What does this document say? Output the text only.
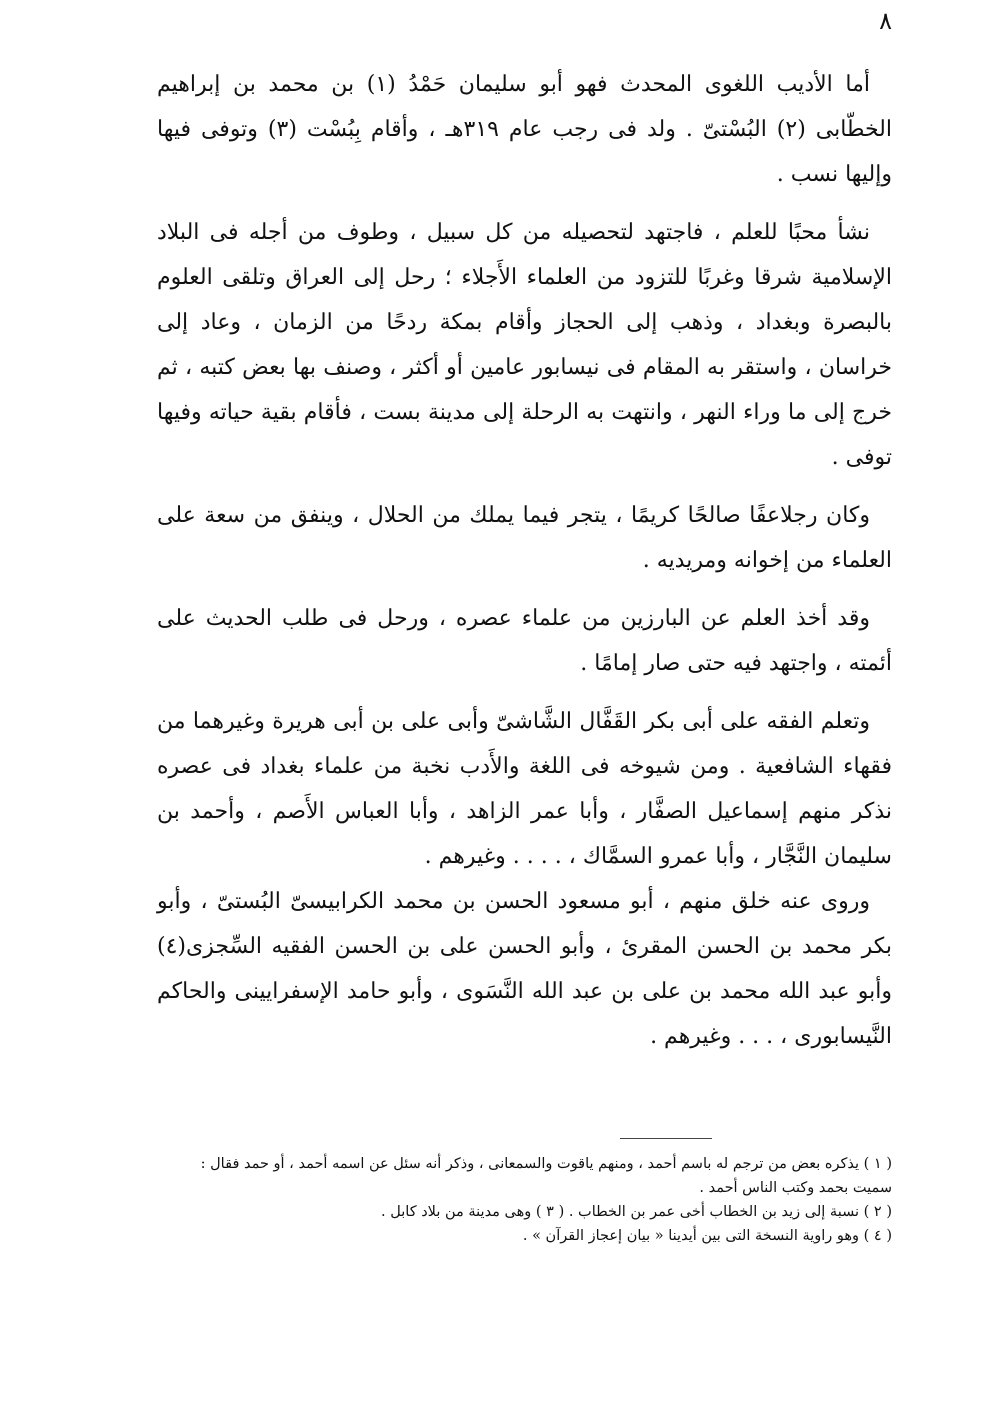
٨

أما الأديب اللغوى المحدث فهو أبو سليمان حَمْدُ (١) بن محمد بن إبراهيم الخطّابى (٢) البُسْتىّ . ولد فى رجب عام ٣١٩هـ ، وأقام بِبُسْت (٣) وتوفى فيها وإليها نسب .

نشأ محبًا للعلم ، فاجتهد لتحصيله من كل سبيل ، وطوف من أجله فى البلاد الإسلامية شرقا وغربًا للتزود من العلماء الأَجلاء ؛ رحل إلى العراق وتلقى العلوم بالبصرة وبغداد ، وذهب إلى الحجاز وأقام بمكة ردحًا من الزمان ، وعاد إلى خراسان ، واستقر به المقام فى نيسابور عامين أو أكثر ، وصنف بها بعض كتبه ، ثم خرج إلى ما وراء النهر ، وانتهت به الرحلة إلى مدينة بست ، فأقام بقية حياته وفيها توفى .

وكان رجلاعفًا صالحًا كريمًا ، يتجر فيما يملك من الحلال ، وينفق من سعة على العلماء من إخوانه ومريديه .

وقد أخذ العلم عن البارزين من علماء عصره ، ورحل فى طلب الحديث على أئمته ، واجتهد فيه حتى صار إمامًا .

وتعلم الفقه على أبى بكر القَفَّال الشَّاشىّ وأبى على بن أبى هريرة وغيرهما من فقهاء الشافعية . ومن شيوخه فى اللغة والأَدب نخبة من علماء بغداد فى عصره نذكر منهم إسماعيل الصفَّار ، وأبا عمر الزاهد ، وأبا العباس الأَصم ، وأحمد بن سليمان النَّجَّار ، وأبا عمرو السمَّاك ، . . . . وغيرهم .

وروى عنه خلق منهم ، أبو مسعود الحسن بن محمد الكرابيسىّ البُستىّ ، وأبو بكر محمد بن الحسن المقرئ ، وأبو الحسن على بن الحسن الفقيه السِّجزى(٤) وأبو عبد الله محمد بن على بن عبد الله النَّسَوى ، وأبو حامد الإسفرايينى والحاكم النَّيسابورى ، . . . وغيرهم .

( ١ ) يذكره بعض من ترجم له باسم أحمد ، ومنهم ياقوت والسمعانى ، وذكر أنه سئل عن اسمه أحمد ، أو حمد فقال : سميت بحمد وكتب الناس أحمد .

( ٢ ) نسبة إلى زيد بن الخطاب أخى عمر بن الخطاب . ( ٣ ) وهى مدينة من بلاد كابل .

( ٤ ) وهو راوية النسخة التى بين أيدينا « بيان إعجاز القرآن » .
